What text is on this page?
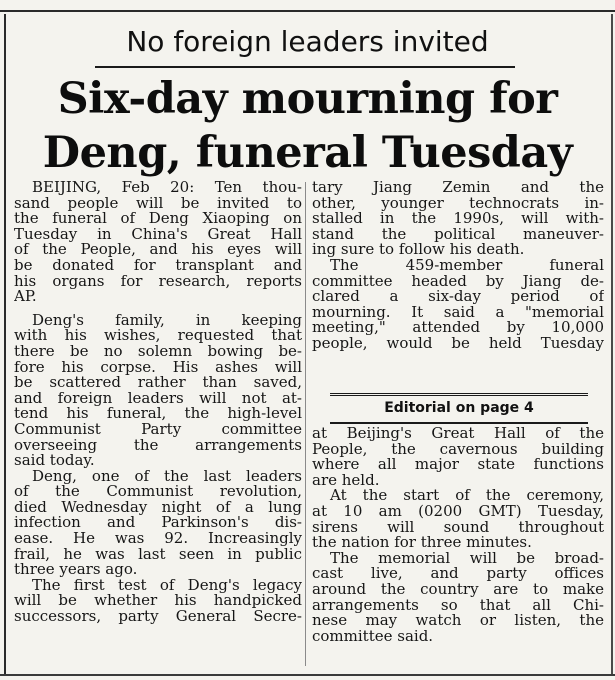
No foreign leaders invited
Six-day mourning for
Deng, funeral Tuesday
BEIJING, Feb 20: Ten thou-
sand people will be invited to
the funeral of Deng Xiaoping on
Tuesday in China's Great Hall
of the People, and his eyes will
be donated for transplant and
his organs for research, reports
AP.
Deng's family, in keeping
with his wishes, requested that
there be no solemn bowing be-
fore his corpse. His ashes will
be scattered rather than saved,
and foreign leaders will not at-
tend his funeral, the high-level
Communist Party committee
overseeing the arrangements
said today.
Deng, one of the last leaders
of the Communist revolution,
died Wednesday night of a lung
infection and Parkinson's dis-
ease. He was 92. Increasingly
frail, he was last seen in public
three years ago.
The first test of Deng's legacy
will be whether his handpicked
successors, party General Secre-
tary Jiang Zemin and the
other, younger technocrats in-
stalled in the 1990s, will with-
stand the political maneuver-
ing sure to follow his death.
The 459-member funeral
committee headed by Jiang de-
clared a six-day period of
mourning. It said a "memorial
meeting," attended by 10,000
people, would be held Tuesday
Editorial on page 4
at Beijing's Great Hall of the
People, the cavernous building
where all major state functions
are held.
At the start of the ceremony,
at 10 am (0200 GMT) Tuesday,
sirens will sound throughout
the nation for three minutes.
The memorial will be broad-
cast live, and party offices
around the country are to make
arrangements so that all Chi-
nese may watch or listen, the
committee said.
